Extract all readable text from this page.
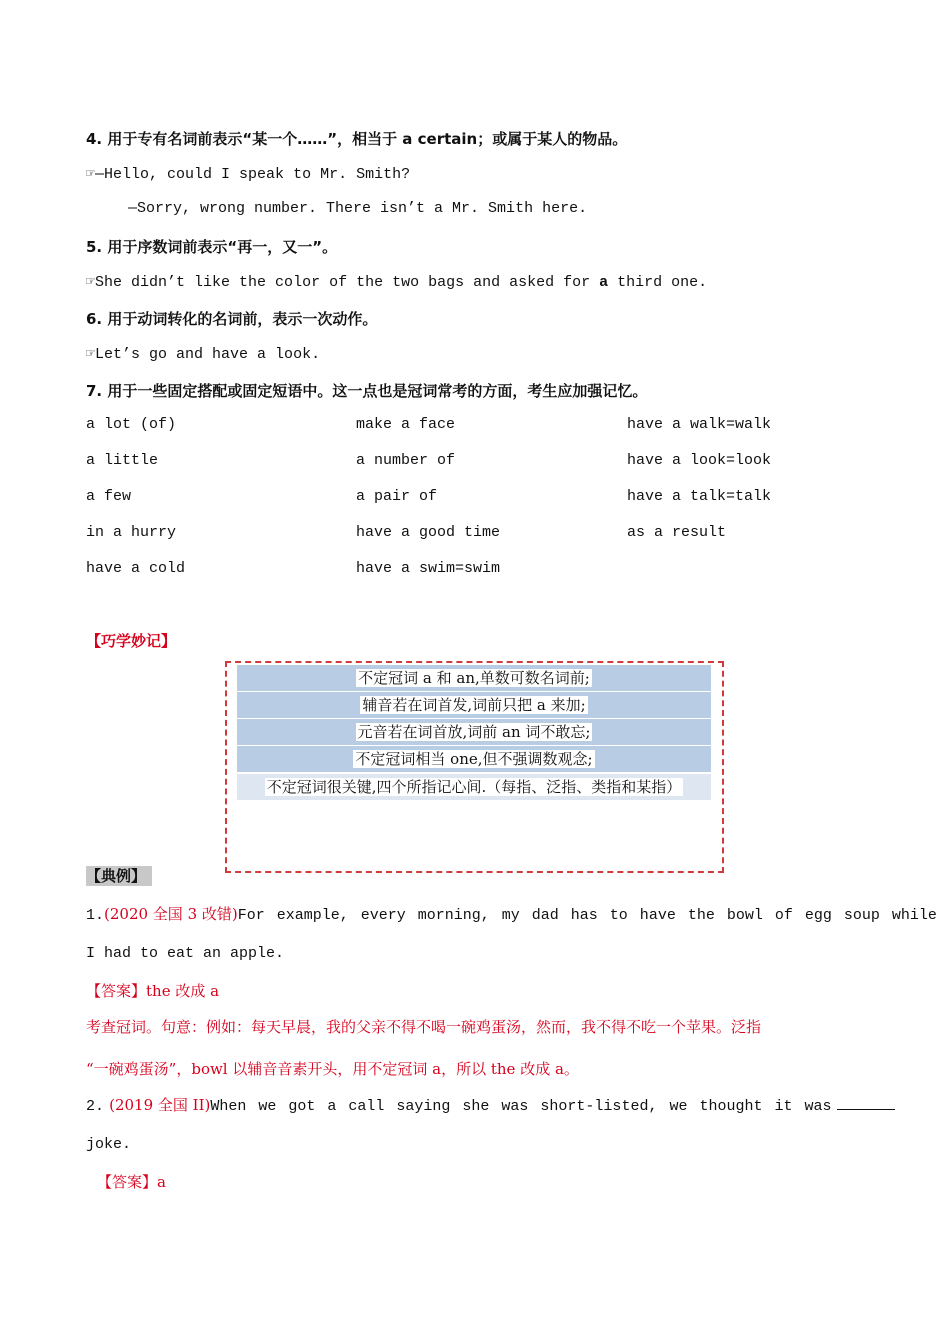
4. 用于专有名词前表示“某一个……”，相当于 a certain；或属于某人的物品。
☞—Hello, could I speak to Mr. Smith?
—Sorry, wrong number. There isn’t a Mr. Smith here.
5. 用于序数词前表示“再一，又一”。
☞She didn’t like the color of the two bags and asked for a third one.
6. 用于动词转化的名词前，表示一次动作。
☞Let’s go and have a look.
7. 用于一些固定搭配或固定短语中。这一点也是冠词常考的方面，考生应加强记忆。
a lot (of)	make a face	have a walk=walk
a little	a number of	have a look=look
a few	a pair of	have a talk=talk
in a hurry	have a good time	as a result
have a cold	have a swim=swim
【巧学妙记】
不定冠词 a 和 an,单数可数名词前;
辅音若在词首发,词前只把 a 来加;
元音若在词首放,词前 an 词不敢忘;
不定冠词相当 one,但不强调数观念;
不定冠词很关键,四个所指记心间.（每指、泛指、类指和某指）
【典例】
1.(2020 全国 3 改错)For example, every morning, my dad has to have the bowl of egg soup while
I had to eat an apple.
【答案】the 改成 a
考查冠词。句意：例如：每天早晨，我的父亲不得不喝一碗鸡蛋汤，然而，我不得不吃一个苹果。泛指
“一碗鸡蛋汤”，bowl 以辅音音素开头，用不定冠词 a，所以 the 改成 a。
2. (2019 全国 II)When we got a call saying she was short-listed, we thought it was
joke.
【答案】a
